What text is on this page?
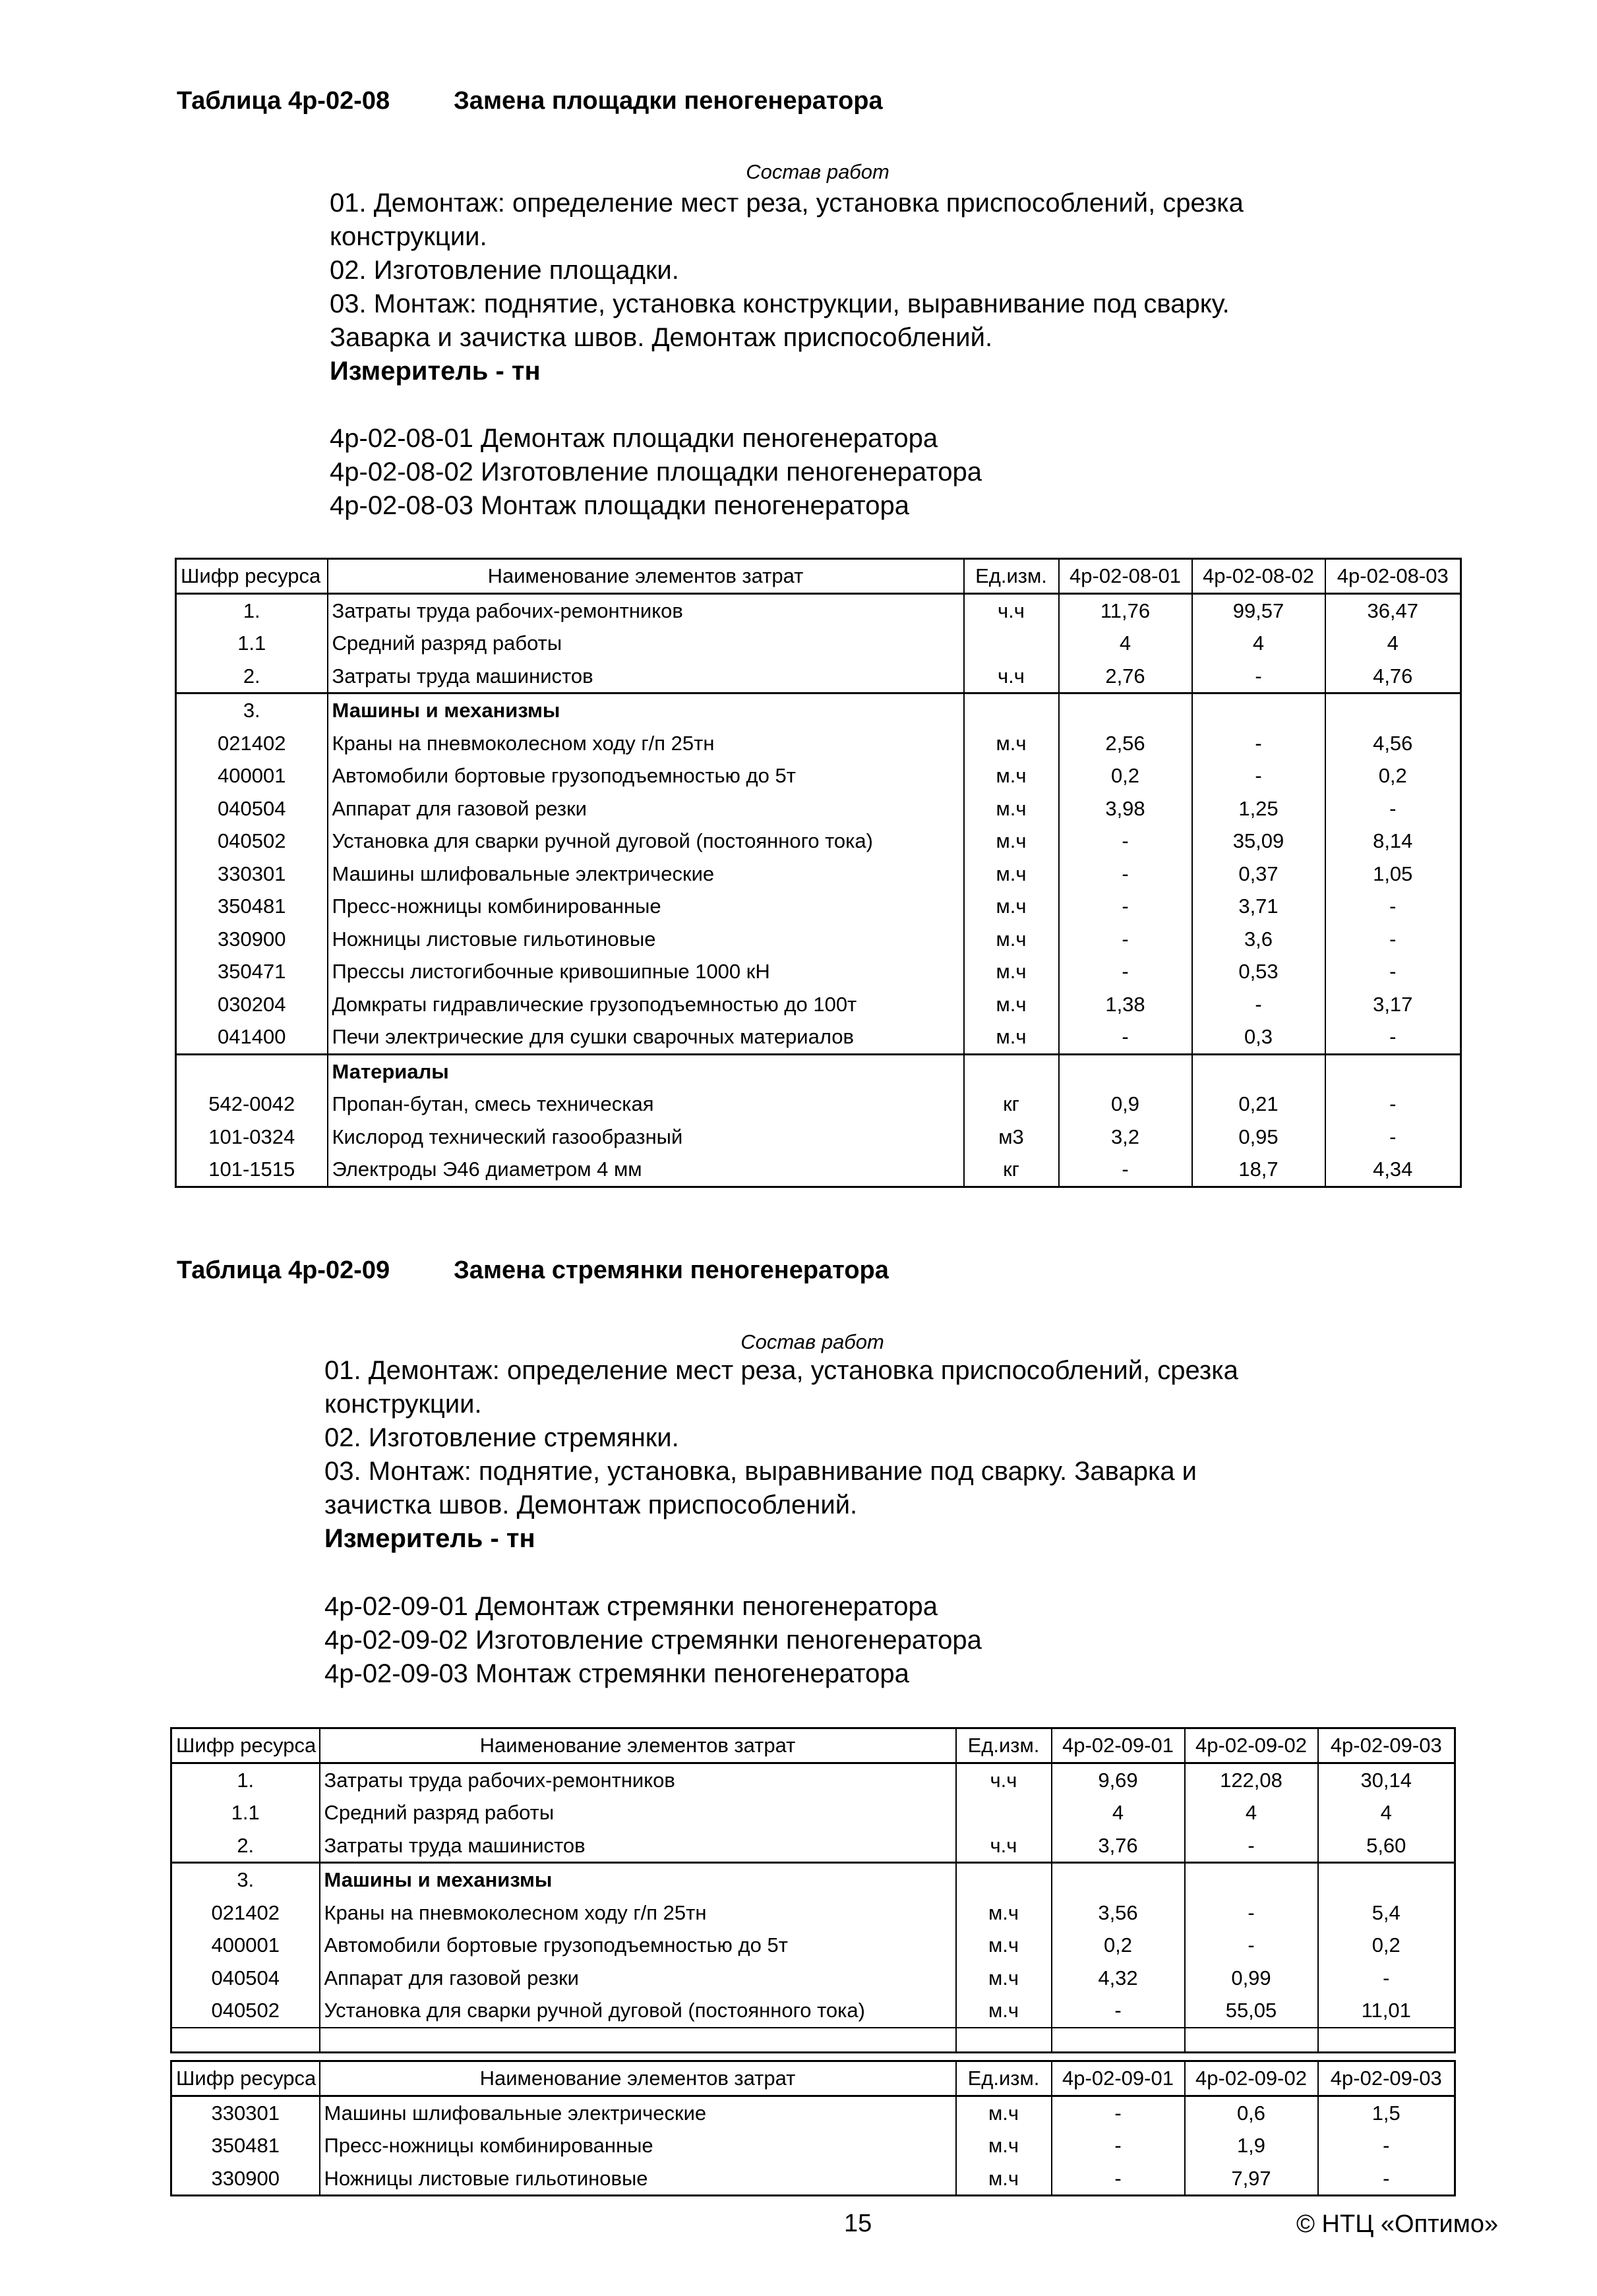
Таблица 4р-02-08	Замена площадки пеногенератора
Состав работ

01. Демонтаж: определение мест реза, установка приспособлений, срезка конструкции.

02. Изготовление площадки.

03. Монтаж: поднятие, установка конструкции, выравнивание под сварку. Заварка и зачистка швов. Демонтаж приспособлений.

Измеритель - тн

4р-02-08-01 Демонтаж площадки пеногенератора
4р-02-08-02 Изготовление площадки пеногенератора
4р-02-08-03 Монтаж площадки пеногенератора
Шифр ресурса	Наименование элементов затрат	Ед.изм.	4р-02-08-01	4р-02-08-02	4р-02-08-03
1.	Затраты труда рабочих-ремонтников	ч.ч	11,76	99,57	36,47
1.1	Средний разряд работы		4	4	4
2.	Затраты труда машинистов	ч.ч	2,76	-	4,76
3.	Машины и механизмы				
021402	Краны на пневмоколесном ходу г/п 25тн	м.ч	2,56	-	4,56
400001	Автомобили бортовые грузоподъемностью до 5т	м.ч	0,2	-	0,2
040504	Аппарат для газовой резки	м.ч	3,98	1,25	-
040502	Установка для сварки ручной дуговой (постоянного тока)	м.ч	-	35,09	8,14
330301	Машины шлифовальные электрические	м.ч	-	0,37	1,05
350481	Пресс-ножницы комбинированные	м.ч	-	3,71	-
330900	Ножницы листовые гильотиновые	м.ч	-	3,6	-
350471	Прессы листогибочные кривошипные 1000 кН	м.ч	-	0,53	-
030204	Домкраты гидравлические грузоподъемностью до 100т	м.ч	1,38	-	3,17
041400	Печи электрические для сушки сварочных материалов	м.ч	-	0,3	-
	Материалы				
542-0042	Пропан-бутан, смесь техническая	кг	0,9	0,21	-
101-0324	Кислород технический газообразный	м3	3,2	0,95	-
101-1515	Электроды Э46 диаметром 4 мм	кг	-	18,7	4,34
Таблица 4р-02-09	Замена стремянки пеногенератора
Состав работ

01. Демонтаж: определение мест реза, установка приспособлений, срезка конструкции.

02. Изготовление стремянки.

03. Монтаж: поднятие, установка, выравнивание под сварку. Заварка и зачистка швов. Демонтаж приспособлений.

Измеритель - тн

4р-02-09-01 Демонтаж стремянки пеногенератора
4р-02-09-02 Изготовление стремянки пеногенератора
4р-02-09-03 Монтаж стремянки пеногенератора
Шифр ресурса	Наименование элементов затрат	Ед.изм.	4р-02-09-01	4р-02-09-02	4р-02-09-03
1.	Затраты труда рабочих-ремонтников	ч.ч	9,69	122,08	30,14
1.1	Средний разряд работы		4	4	4
2.	Затраты труда машинистов	ч.ч	3,76	-	5,60
3.	Машины и механизмы				
021402	Краны на пневмоколесном ходу г/п 25тн	м.ч	3,56	-	5,4
400001	Автомобили бортовые грузоподъемностью до 5т	м.ч	0,2	-	0,2
040504	Аппарат для газовой резки	м.ч	4,32	0,99	-
040502	Установка для сварки ручной дуговой (постоянного тока)	м.ч	-	55,05	11,01

Шифр ресурса	Наименование элементов затрат	Ед.изм.	4р-02-09-01	4р-02-09-02	4р-02-09-03
330301	Машины шлифовальные электрические	м.ч	-	0,6	1,5
350481	Пресс-ножницы комбинированные	м.ч	-	1,9	-
330900	Ножницы листовые гильотиновые	м.ч	-	7,97	-
15	© НТЦ «Оптимо»
